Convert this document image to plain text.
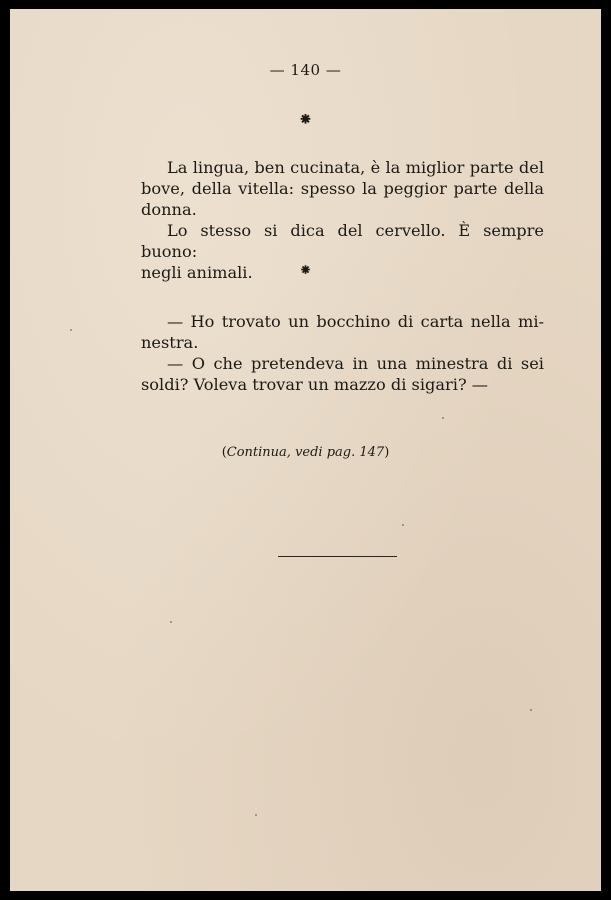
— 140 —
⁕
La lingua, ben cucinata, è la miglior parte del
bove, della vitella: spesso la peggior parte della
donna.
Lo stesso si dica del cervello. È sempre buono:
negli animali.	⁕
— Ho trovato un bocchino di carta nella mi-
nestra.
— O che pretendeva in una minestra di sei
soldi? Voleva trovar un mazzo di sigari? —
(Continua, vedi pag. 147)
